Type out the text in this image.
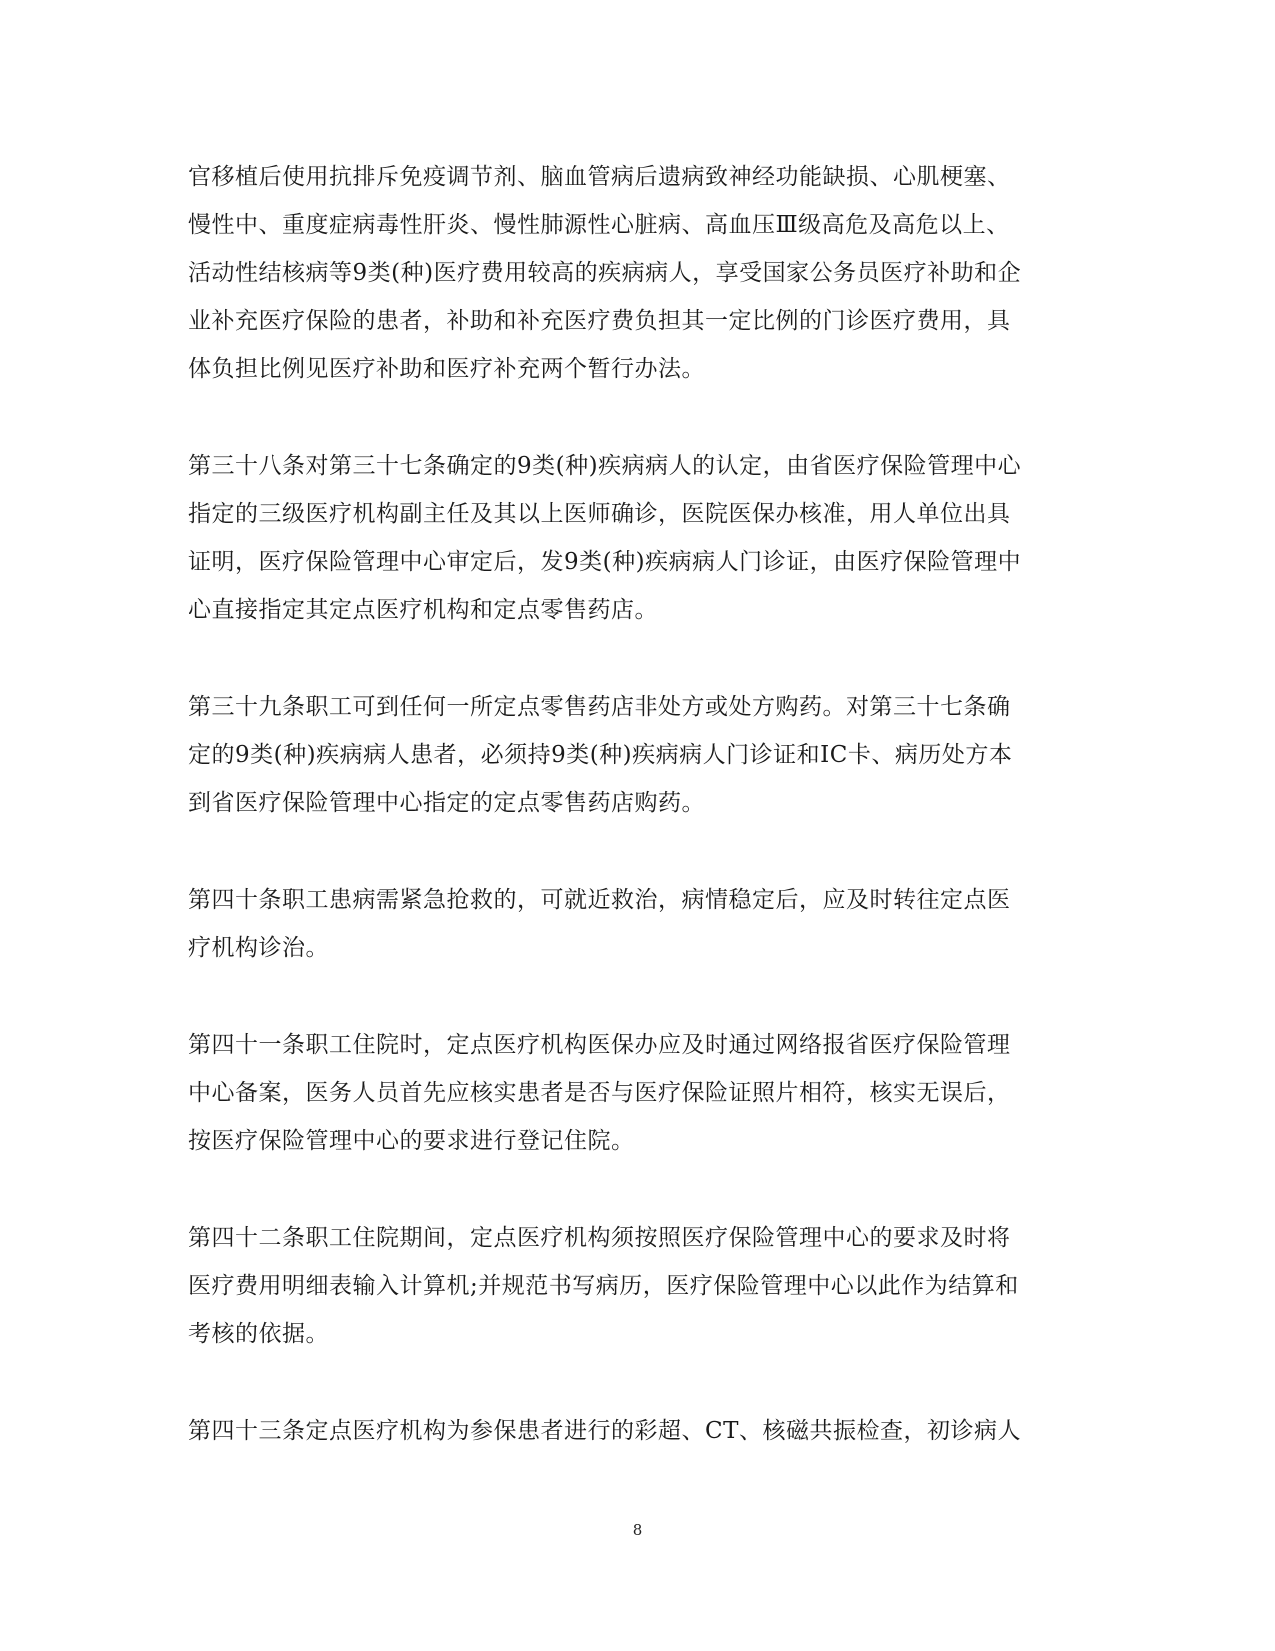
官移植后使用抗排斥免疫调节剂、脑血管病后遗病致神经功能缺损、心肌梗塞、
慢性中、重度症病毒性肝炎、慢性肺源性心脏病、高血压Ⅲ级高危及高危以上、
活动性结核病等9类(种)医疗费用较高的疾病病人，享受国家公务员医疗补助和企
业补充医疗保险的患者，补助和补充医疗费负担其一定比例的门诊医疗费用，具
体负担比例见医疗补助和医疗补充两个暂行办法。

第三十八条对第三十七条确定的9类(种)疾病病人的认定，由省医疗保险管理中心
指定的三级医疗机构副主任及其以上医师确诊，医院医保办核准，用人单位出具
证明，医疗保险管理中心审定后，发9类(种)疾病病人门诊证，由医疗保险管理中
心直接指定其定点医疗机构和定点零售药店。

第三十九条职工可到任何一所定点零售药店非处方或处方购药。对第三十七条确
定的9类(种)疾病病人患者，必须持9类(种)疾病病人门诊证和IC卡、病历处方本
到省医疗保险管理中心指定的定点零售药店购药。

第四十条职工患病需紧急抢救的，可就近救治，病情稳定后，应及时转往定点医
疗机构诊治。

第四十一条职工住院时，定点医疗机构医保办应及时通过网络报省医疗保险管理
中心备案，医务人员首先应核实患者是否与医疗保险证照片相符，核实无误后，
按医疗保险管理中心的要求进行登记住院。

第四十二条职工住院期间，定点医疗机构须按照医疗保险管理中心的要求及时将
医疗费用明细表输入计算机;并规范书写病历，医疗保险管理中心以此作为结算和
考核的依据。

第四十三条定点医疗机构为参保患者进行的彩超、CT、核磁共振检查，初诊病人

8
